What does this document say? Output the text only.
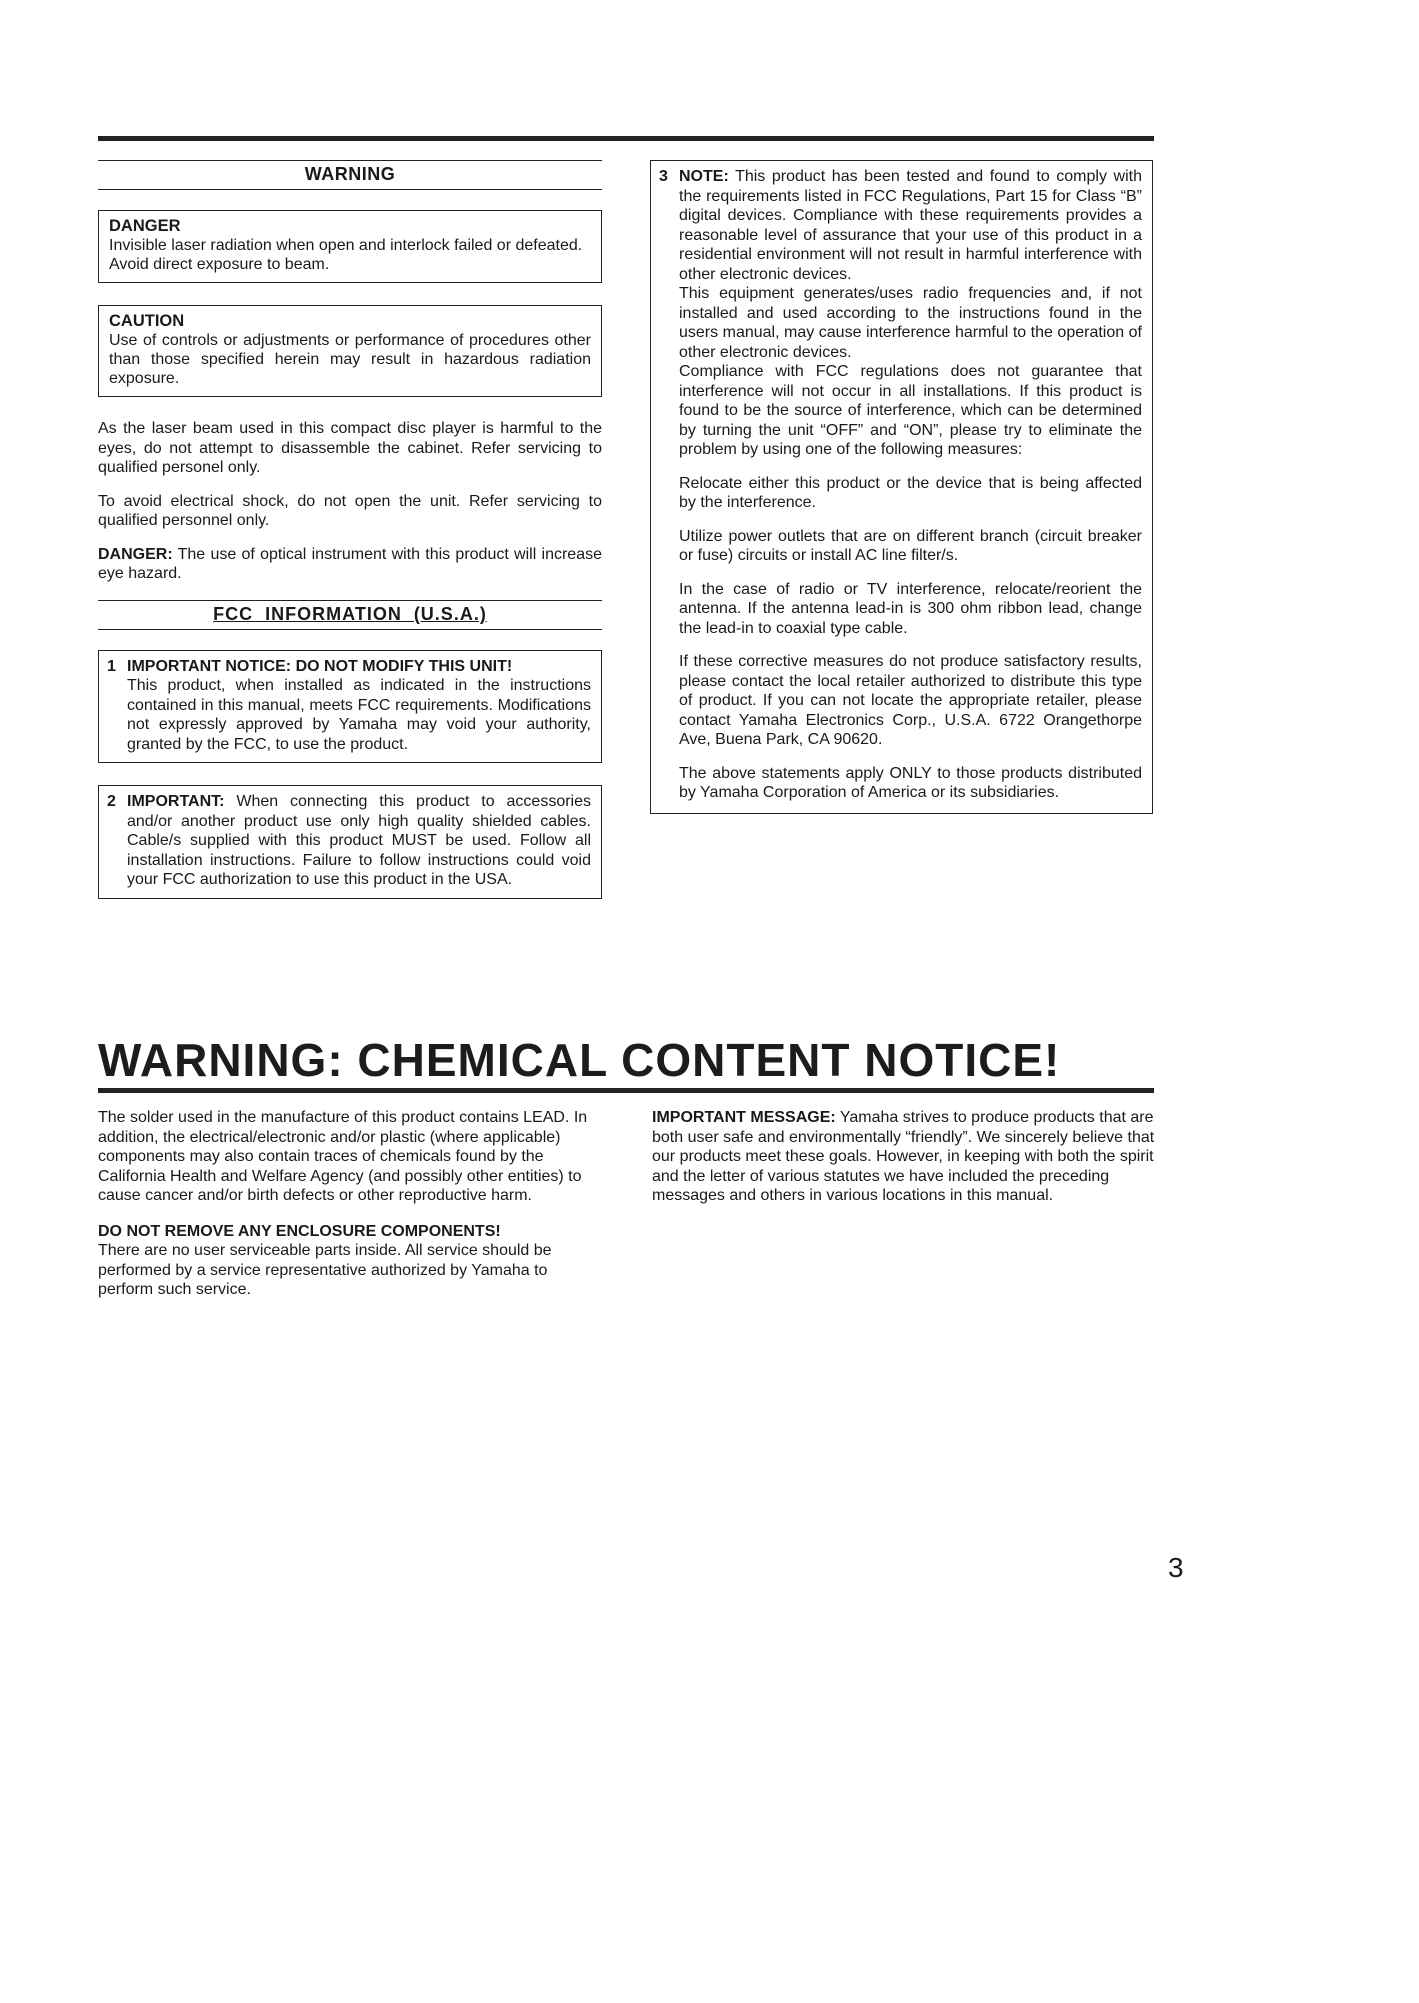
WARNING
DANGER
Invisible laser radiation when open and interlock failed or defeated.
Avoid direct exposure to beam.
CAUTION
Use of controls or adjustments or performance of procedures other than those specified herein may result in hazardous radiation exposure.

As the laser beam used in this compact disc player is harmful to the eyes, do not attempt to disassemble the cabinet. Refer servicing to qualified personel only.

To avoid electrical shock, do not open the unit. Refer servicing to qualified personnel only.

DANGER: The use of optical instrument with this product will increase eye hazard.

FCC  INFORMATION  (U.S.A.)
1 IMPORTANT NOTICE: DO NOT MODIFY THIS UNIT!
This product, when installed as indicated in the instructions contained in this manual, meets FCC requirements. Modifications not expressly approved by Yamaha may void your authority, granted by the FCC, to use the product.
2 IMPORTANT: When connecting this product to accessories and/or another product use only high quality shielded cables. Cable/s supplied with this product MUST be used. Follow all installation instructions. Failure to follow instructions could void your FCC authorization to use this product in the USA.
3 NOTE: This product has been tested and found to comply with the requirements listed in FCC Regulations, Part 15 for Class “B” digital devices. Compliance with these requirements provides a reasonable level of assurance that your use of this product in a residential environment will not result in harmful interference with other electronic devices.
This equipment generates/uses radio frequencies and, if not installed and used according to the instructions found in the users manual, may cause interference harmful to the operation of other electronic devices.
Compliance with FCC regulations does not guarantee that interference will not occur in all installations. If this product is found to be the source of interference, which can be determined by turning the unit “OFF” and “ON”, please try to eliminate the problem by using one of the following measures:
Relocate either this product or the device that is being affected by the interference.
Utilize power outlets that are on different branch (circuit breaker or fuse) circuits or install AC line filter/s.
In the case of radio or TV interference, relocate/reorient the antenna. If the antenna lead-in is 300 ohm ribbon lead, change the lead-in to coaxial type cable.
If these corrective measures do not produce satisfactory results, please contact the local retailer authorized to distribute this type of product. If you can not locate the appropriate retailer, please contact Yamaha Electronics Corp., U.S.A. 6722 Orangethorpe Ave, Buena Park, CA 90620.
The above statements apply ONLY to those products distributed by Yamaha Corporation of America or its subsidiaries.
WARNING: CHEMICAL CONTENT NOTICE!

The solder used in the manufacture of this product contains LEAD. In addition, the electrical/electronic and/or plastic (where applicable) components may also contain traces of chemicals found by the California Health and Welfare Agency (and possibly other entities) to cause cancer and/or birth defects or other reproductive harm.

DO NOT REMOVE ANY ENCLOSURE COMPONENTS!

There are no user serviceable parts inside. All service should be performed by a service representative authorized by Yamaha to perform such service.

IMPORTANT MESSAGE: Yamaha strives to produce products that are both user safe and environmentally “friendly”. We sincerely believe that our products meet these goals. However, in keeping with both the spirit and the letter of various statutes we have included the preceding messages and others in various locations in this manual.

3
